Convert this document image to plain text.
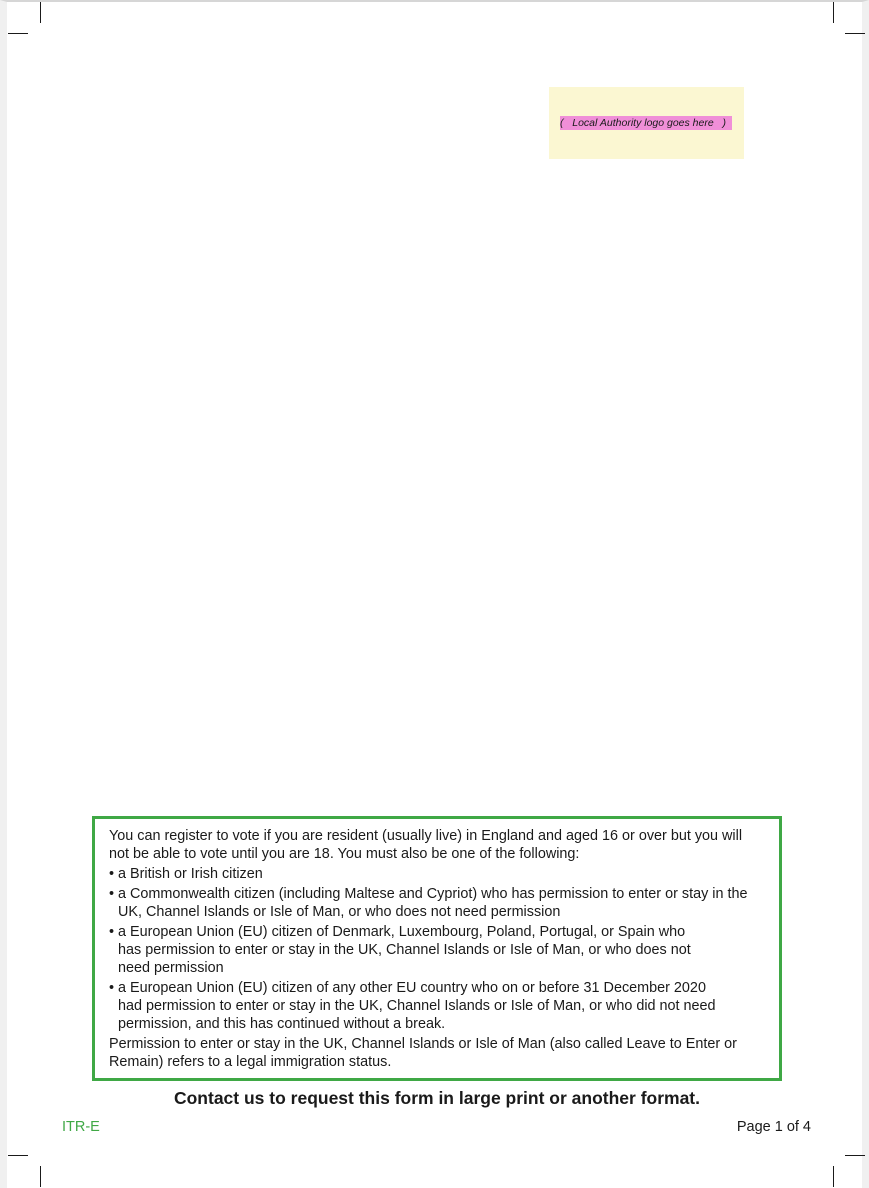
(   Local Authority logo goes here   )

You can register to vote if you are resident (usually live) in England and aged 16 or over but you will
not be able to vote until you are 18. You must also be one of the following:

• a British or Irish citizen
• a Commonwealth citizen (including Maltese and Cypriot) who has permission to enter or stay in the
UK, Channel Islands or Isle of Man, or who does not need permission
• a European Union (EU) citizen of Denmark, Luxembourg, Poland, Portugal, or Spain who
has permission to enter or stay in the UK, Channel Islands or Isle of Man, or who does not
need permission
• a European Union (EU) citizen of any other EU country who on or before 31 December 2020
had permission to enter or stay in the UK, Channel Islands or Isle of Man, or who did not need
permission, and this has continued without a break.

Permission to enter or stay in the UK, Channel Islands or Isle of Man (also called Leave to Enter or
Remain) refers to a legal immigration status.

Contact us to request this form in large print or another format.
ITR-E	Page 1 of 4
